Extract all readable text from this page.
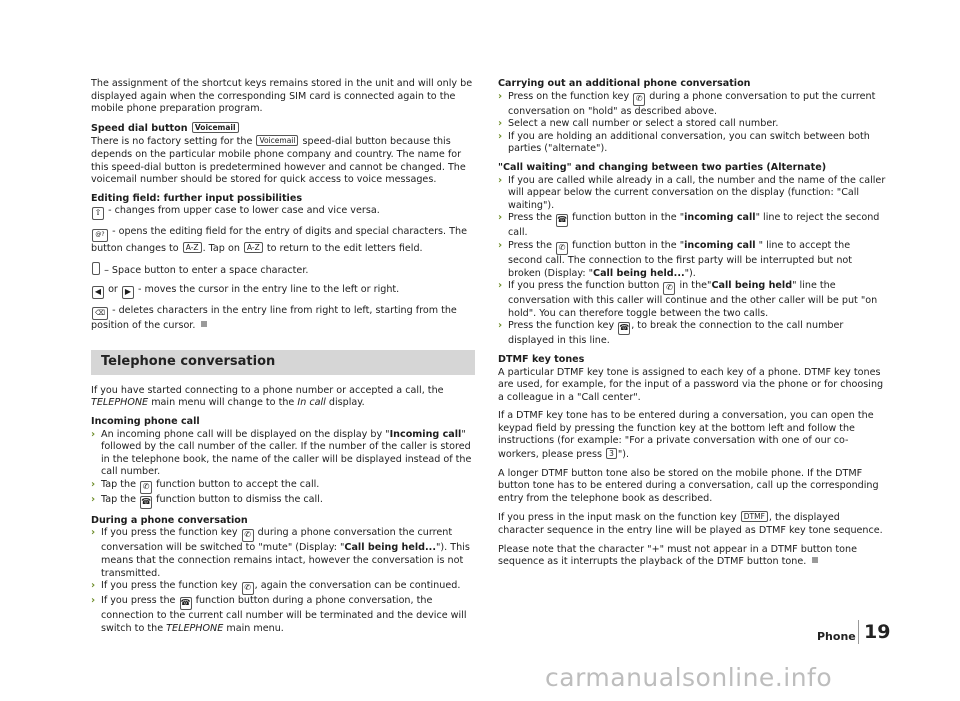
The assignment of the shortcut keys remains stored in the unit and will only be displayed again when the corresponding SIM card is connected again to the mobile phone preparation program.

Speed dial button Voicemail

There is no factory setting for the Voicemail speed-dial button because this depends on the particular mobile phone company and country. The name for this speed-dial button is predetermined however and cannot be changed. The voicemail number should be stored for quick access to voice messages.

Editing field: further input possibilities

⇧ - changes from upper case to lower case and vice versa.

@? - opens the editing field for the entry of digits and special characters. The button changes to A-Z . Tap on A-Z to return to the edit letters field.

– Space button to enter a space character.

◀ or ▶ - moves the cursor in the entry line to the left or right.

⌫ - deletes characters in the entry line from right to left, starting from the position of the cursor.

Telephone conversation

If you have started connecting to a phone number or accepted a call, the TELEPHONE main menu will change to the In call display.

Incoming phone call

› An incoming phone call will be displayed on the display by "Incoming call" followed by the call number of the caller. If the number of the caller is stored in the telephone book, the name of the caller will be displayed instead of the call number.
› Tap the ✆ function button to accept the call.
› Tap the ☎ function button to dismiss the call.

During a phone conversation

› If you press the function key ✆ during a phone conversation the current conversation will be switched to "mute" (Display: "Call being held..."). This means that the connection remains intact, however the conversation is not transmitted.
› If you press the function key ✆ , again the conversation can be continued.
› If you press the ☎ function button during a phone conversation, the connection to the current call number will be terminated and the device will switch to the TELEPHONE main menu.

Carrying out an additional phone conversation

› Press on the function key ✆ during a phone conversation to put the current conversation on "hold" as described above.
› Select a new call number or select a stored call number.
› If you are holding an additional conversation, you can switch between both parties ("alternate").

"Call waiting" and changing between two parties (Alternate)

› If you are called while already in a call, the number and the name of the caller will appear below the current conversation on the display (function: "Call waiting").
› Press the ☎ function button in the "incoming call" line to reject the second call.
› Press the ✆ function button in the "incoming call " line to accept the second call. The connection to the first party will be interrupted but not broken (Display: "Call being held...").
› If you press the function button ✆ in the"Call being held" line the conversation with this caller will continue and the other caller will be put "on hold". You can therefore toggle between the two calls.
› Press the function key ☎ , to break the connection to the call number displayed in this line.

DTMF key tones

A particular DTMF key tone is assigned to each key of a phone. DTMF key tones are used, for example, for the input of a password via the phone or for choosing a colleague in a "Call center".

If a DTMF key tone has to be entered during a conversation, you can open the keypad field by pressing the function key at the bottom left and follow the instructions (for example: "For a private conversation with one of our co-workers, please press 3 ").

A longer DTMF button tone also be stored on the mobile phone. If the DTMF button tone has to be entered during a conversation, call up the corresponding entry from the telephone book as described.

If you press in the input mask on the function key DTMF , the displayed character sequence in the entry line will be played as DTMF key tone sequence.

Please note that the character "+" must not appear in a DTMF button tone sequence as it interrupts the playback of the DTMF button tone.

Phone 19
carmanualsonline.info
